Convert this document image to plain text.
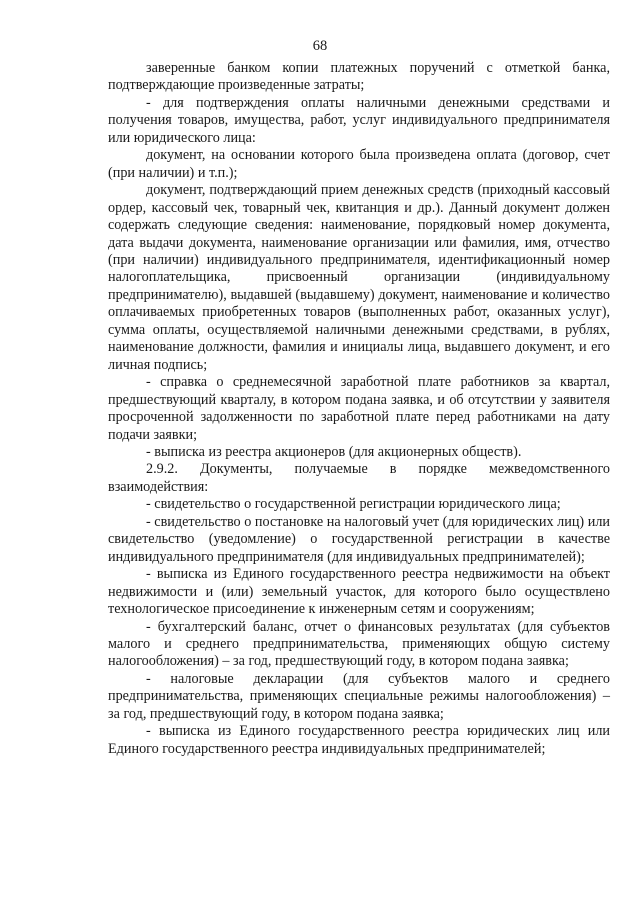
68

заверенные банком копии платежных поручений с отметкой банка, подтверждающие произведенные затраты;

- для подтверждения оплаты наличными денежными средствами и получения товаров, имущества, работ, услуг индивидуального предпринимателя или юридического лица:

документ, на основании которого была произведена оплата (договор, счет (при наличии) и т.п.);

документ, подтверждающий прием денежных средств (приходный кассовый ордер, кассовый чек, товарный чек, квитанция и др.). Данный документ должен содержать следующие сведения: наименование, порядковый номер документа, дата выдачи документа, наименование организации или фамилия, имя, отчество (при наличии) индивидуального предпринимателя, идентификационный номер налогоплательщика, присвоенный организации (индивидуальному предпринимателю), выдавшей (выдавшему) документ, наименование и количество оплачиваемых приобретенных товаров (выполненных работ, оказанных услуг), сумма оплаты, осуществляемой наличными денежными средствами, в рублях, наименование должности, фамилия и инициалы лица, выдавшего документ, и его личная подпись;

- справка о среднемесячной заработной плате работников за квартал, предшествующий кварталу, в котором подана заявка, и об отсутствии у заявителя просроченной задолженности по заработной плате перед работниками на дату подачи заявки;

- выписка из реестра акционеров (для акционерных обществ).

2.9.2. Документы, получаемые в порядке межведомственного взаимодействия:

- свидетельство о государственной регистрации юридического лица;

- свидетельство о постановке на налоговый учет (для юридических лиц) или свидетельство (уведомление) о государственной регистрации в качестве индивидуального предпринимателя (для индивидуальных предпринимателей);

- выписка из Единого государственного реестра недвижимости на объект недвижимости и (или) земельный участок, для которого было осуществлено технологическое присоединение к инженерным сетям и сооружениям;

- бухгалтерский баланс, отчет о финансовых результатах (для субъектов малого и среднего предпринимательства, применяющих общую систему налогообложения) – за год, предшествующий году, в котором подана заявка;

- налоговые декларации (для субъектов малого и среднего предпринимательства, применяющих специальные режимы налогообложения) – за год, предшествующий году, в котором подана заявка;

- выписка из Единого государственного реестра юридических лиц или Единого государственного реестра индивидуальных предпринимателей;
